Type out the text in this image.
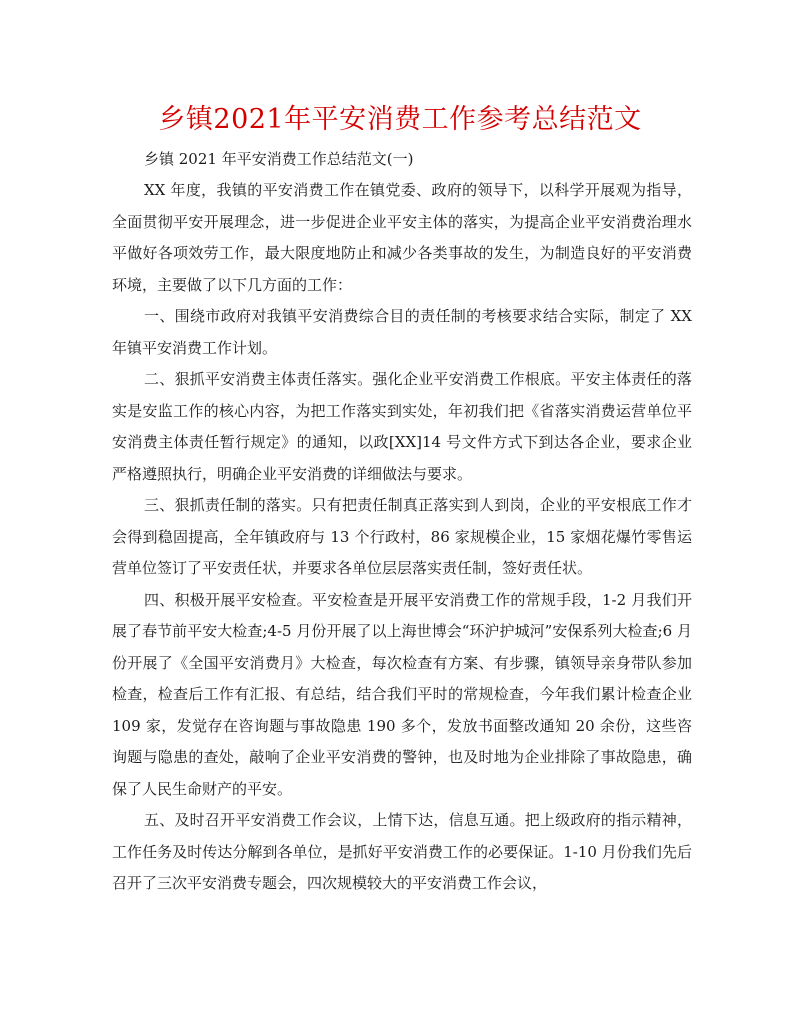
乡镇2021年平安消费工作参考总结范文

乡镇 2021 年平安消费工作总结范文(一)

XX 年度，我镇的平安消费工作在镇党委、政府的领导下，以科学开展观为指导，全面贯彻平安开展理念，进一步促进企业平安主体的落实，为提高企业平安消费治理水平做好各项效劳工作，最大限度地防止和减少各类事故的发生，为制造良好的平安消费环境，主要做了以下几方面的工作：

一、围绕市政府对我镇平安消费综合目的责任制的考核要求结合实际，制定了 XX 年镇平安消费工作计划。

二、狠抓平安消费主体责任落实。强化企业平安消费工作根底。平安主体责任的落实是安监工作的核心内容，为把工作落实到实处，年初我们把《省落实消费运营单位平安消费主体责任暂行规定》的通知，以政[XX]14 号文件方式下到达各企业，要求企业严格遵照执行，明确企业平安消费的详细做法与要求。

三、狠抓责任制的落实。只有把责任制真正落实到人到岗，企业的平安根底工作才会得到稳固提高，全年镇政府与 13 个行政村，86 家规模企业，15 家烟花爆竹零售运营单位签订了平安责任状，并要求各单位层层落实责任制，签好责任状。

四、积极开展平安检查。平安检查是开展平安消费工作的常规手段，1-2 月我们开展了春节前平安大检查;4-5 月份开展了以上海世博会“环沪护城河”安保系列大检查;6 月份开展了《全国平安消费月》大检查，每次检查有方案、有步骤，镇领导亲身带队参加检查，检查后工作有汇报、有总结，结合我们平时的常规检查，今年我们累计检查企业 109 家，发觉存在咨询题与事故隐患 190 多个，发放书面整改通知 20 余份，这些咨询题与隐患的查处，敲响了企业平安消费的警钟，也及时地为企业排除了事故隐患，确保了人民生命财产的平安。

五、及时召开平安消费工作会议，上情下达，信息互通。把上级政府的指示精神，工作任务及时传达分解到各单位，是抓好平安消费工作的必要保证。1-10 月份我们先后召开了三次平安消费专题会，四次规模较大的平安消费工作会议，
